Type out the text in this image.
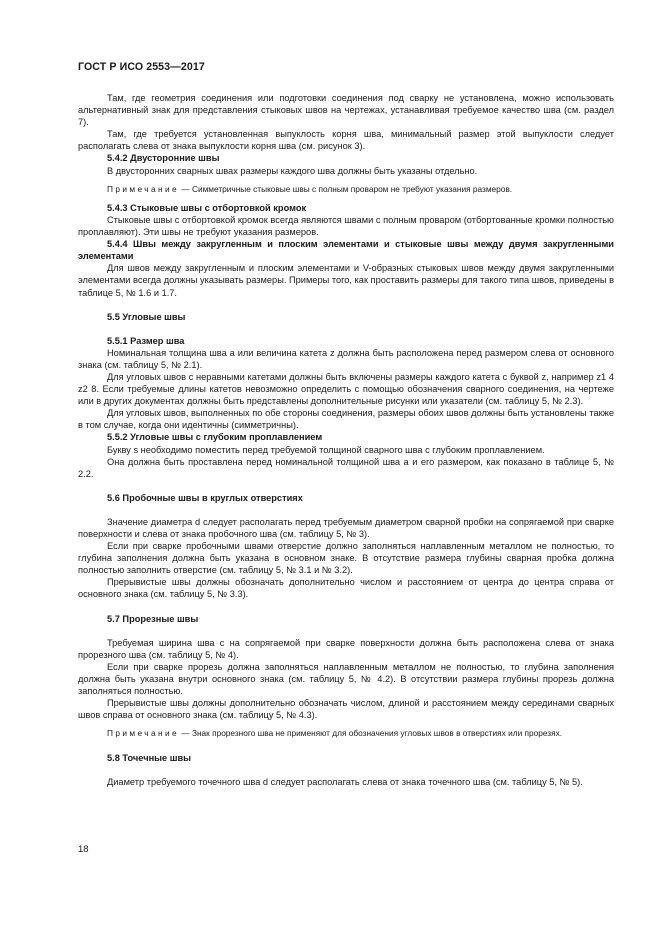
ГОСТ Р ИСО 2553—2017

Там, где геометрия соединения или подготовки соединения под сварку не установлена, можно использовать альтернативный знак для представления стыковых швов на чертежах, устанавливая требуемое качество шва (см. раздел 7).

Там, где требуется установленная выпуклость корня шва, минимальный размер этой выпуклости следует располагать слева от знака выпуклости корня шва (см. рисунок 3).

5.4.2 Двусторонние швы

В двусторонних сварных швах размеры каждого шва должны быть указаны отдельно.

Примечание — Симметричные стыковые швы с полным проваром не требуют указания размеров.

5.4.3 Стыковые швы с отбортовкой кромок

Стыковые швы с отбортовкой кромок всегда являются швами с полным проваром (отбортованные кромки полностью проплавляют). Эти швы не требуют указания размеров.

5.4.4 Швы между закругленным и плоским элементами и стыковые швы между двумя закругленными элементами

Для швов между закругленным и плоским элементами и V-образных стыковых швов между двумя закругленными элементами всегда должны указывать размеры. Примеры того, как проставить размеры для такого типа швов, приведены в таблице 5, № 1.6 и 1.7.

5.5 Угловые швы

5.5.1 Размер шва

Номинальная толщина шва a или величина катета z должна быть расположена перед размером слева от основного знака (см. таблицу 5, № 2.1).

Для угловых швов с неравными катетами должны быть включены размеры каждого катета с буквой z, например z1 4 z2 8. Если требуемые длины катетов невозможно определить с помощью обозначения сварного соединения, на чертеже или в других документах должны быть представлены дополнительные рисунки или указатели (см. таблицу 5, № 2.3).

Для угловых швов, выполненных по обе стороны соединения, размеры обоих швов должны быть установлены также в том случае, когда они идентичны (симметричны).

5.5.2 Угловые швы с глубоким проплавлением

Букву s необходимо поместить перед требуемой толщиной сварного шва с глубоким проплавлением.

Она должна быть проставлена перед номинальной толщиной шва a и его размером, как показано в таблице 5, № 2.2.

5.6 Пробочные швы в круглых отверстиях

Значение диаметра d следует располагать перед требуемым диаметром сварной пробки на сопрягаемой при сварке поверхности и слева от знака пробочного шва (см. таблицу 5, № 3).

Если при сварке пробочными швами отверстие должно заполняться наплавленным металлом не полностью, то глубина заполнения должна быть указана в основном знаке. В отсутствие размера глубины сварная пробка должна полностью заполнить отверстие (см. таблицу 5, № 3.1 и № 3.2).

Прерывистые швы должны обозначать дополнительно числом и расстоянием от центра до центра справа от основного знака (см. таблицу 5, № 3.3).

5.7 Прорезные швы

Требуемая ширина шва с на сопрягаемой при сварке поверхности должна быть расположена слева от знака прорезного шва (см. таблицу 5, № 4).

Если при сварке прорезь должна заполняться наплавленным металлом не полностью, то глубина заполнения должна быть указана внутри основного знака (см. таблицу 5, № 4.2). В отсутствии размера глубины прорезь должна заполняться полностью.

Прерывистые швы должны дополнительно обозначать числом, длиной и расстоянием между серединами сварных швов справа от основного знака (см. таблицу 5, № 4.3).

Примечание — Знак прорезного шва не применяют для обозначения угловых швов в отверстиях или прорезях.

5.8 Точечные швы

Диаметр требуемого точечного шва d следует располагать слева от знака точечного шва (см. таблицу 5, № 5).

18
